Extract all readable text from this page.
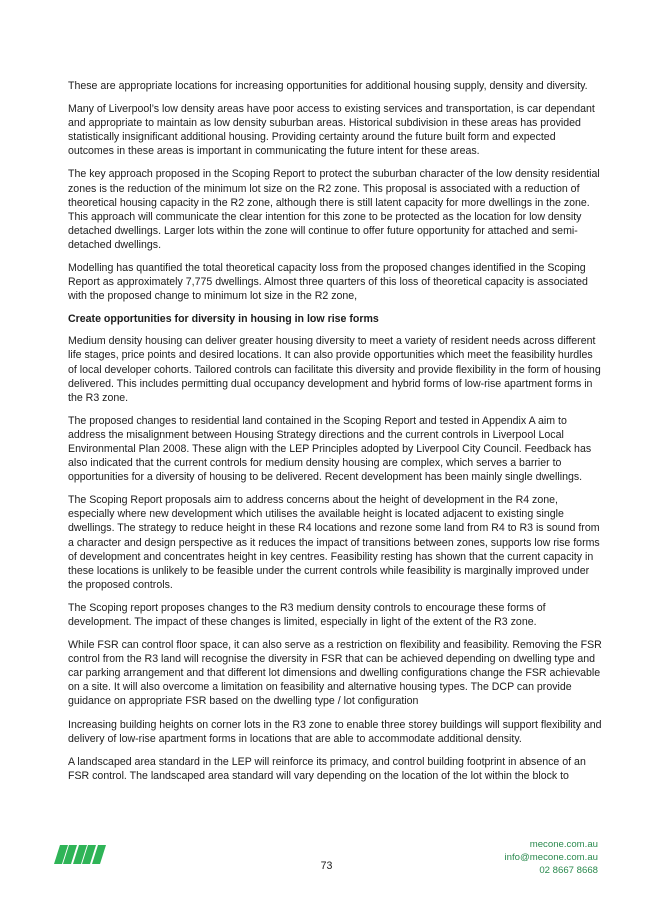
These are appropriate locations for increasing opportunities for additional housing supply, density and diversity.

Many of Liverpool’s low density areas have poor access to existing services and transportation, is car dependant and appropriate to maintain as low density suburban areas. Historical subdivision in these areas has provided statistically insignificant additional housing. Providing certainty around the future built form and expected outcomes in these areas is important in communicating the future intent for these areas.

The key approach proposed in the Scoping Report to protect the suburban character of the low density residential zones is the reduction of the minimum lot size on the R2 zone. This proposal is associated with a reduction of theoretical housing capacity in the R2 zone, although there is still latent capacity for more dwellings in the zone. This approach will communicate the clear intention for this zone to be protected as the location for low density detached dwellings. Larger lots within the zone will continue to offer future opportunity for attached and semi-detached dwellings.

Modelling has quantified the total theoretical capacity loss from the proposed changes identified in the Scoping Report as approximately 7,775 dwellings. Almost three quarters of this loss of theoretical capacity is associated with the proposed change to minimum lot size in the R2 zone,

Create opportunities for diversity in housing in low rise forms

Medium density housing can deliver greater housing diversity to meet a variety of resident needs across different life stages, price points and desired locations. It can also provide opportunities which meet the feasibility hurdles of local developer cohorts. Tailored controls can facilitate this diversity and provide flexibility in the form of housing delivered. This includes permitting dual occupancy development and hybrid forms of low-rise apartment forms in the R3 zone.

The proposed changes to residential land contained in the Scoping Report and tested in Appendix A aim to address the misalignment between Housing Strategy directions and the current controls in Liverpool Local Environmental Plan 2008. These align with the LEP Principles adopted by Liverpool City Council. Feedback has also indicated that the current controls for medium density housing are complex, which serves a barrier to opportunities for a diversity of housing to be delivered. Recent development has been mainly single dwellings.

The Scoping Report proposals aim to address concerns about the height of development in the R4 zone, especially where new development which utilises the available height is located adjacent to existing single dwellings. The strategy to reduce height in these R4 locations and rezone some land from R4 to R3 is sound from a character and design perspective as it reduces the impact of transitions between zones, supports low rise forms of development and concentrates height in key centres. Feasibility resting has shown that the current capacity in these locations is unlikely to be feasible under the current controls while feasibility is marginally improved under the proposed controls.

The Scoping report proposes changes to the R3 medium density controls to encourage these forms of development. The impact of these changes is limited, especially in light of the extent of the R3 zone.

While FSR can control floor space, it can also serve as a restriction on flexibility and feasibility. Removing the FSR control from the R3 land will recognise the diversity in FSR that can be achieved depending on dwelling type and car parking arrangement and that different lot dimensions and dwelling configurations change the FSR achievable on a site. It will also overcome a limitation on feasibility and alternative housing types. The DCP can provide guidance on appropriate FSR based on the dwelling type / lot configuration

Increasing building heights on corner lots in the R3 zone to enable three storey buildings will support flexibility and delivery of low-rise apartment forms in locations that are able to accommodate additional density.

A landscaped area standard in the LEP will reinforce its primacy, and control building footprint in absence of an FSR control. The landscaped area standard will vary depending on the location of the lot within the block to

73
mecone.com.au
info@mecone.com.au
02 8667 8668
